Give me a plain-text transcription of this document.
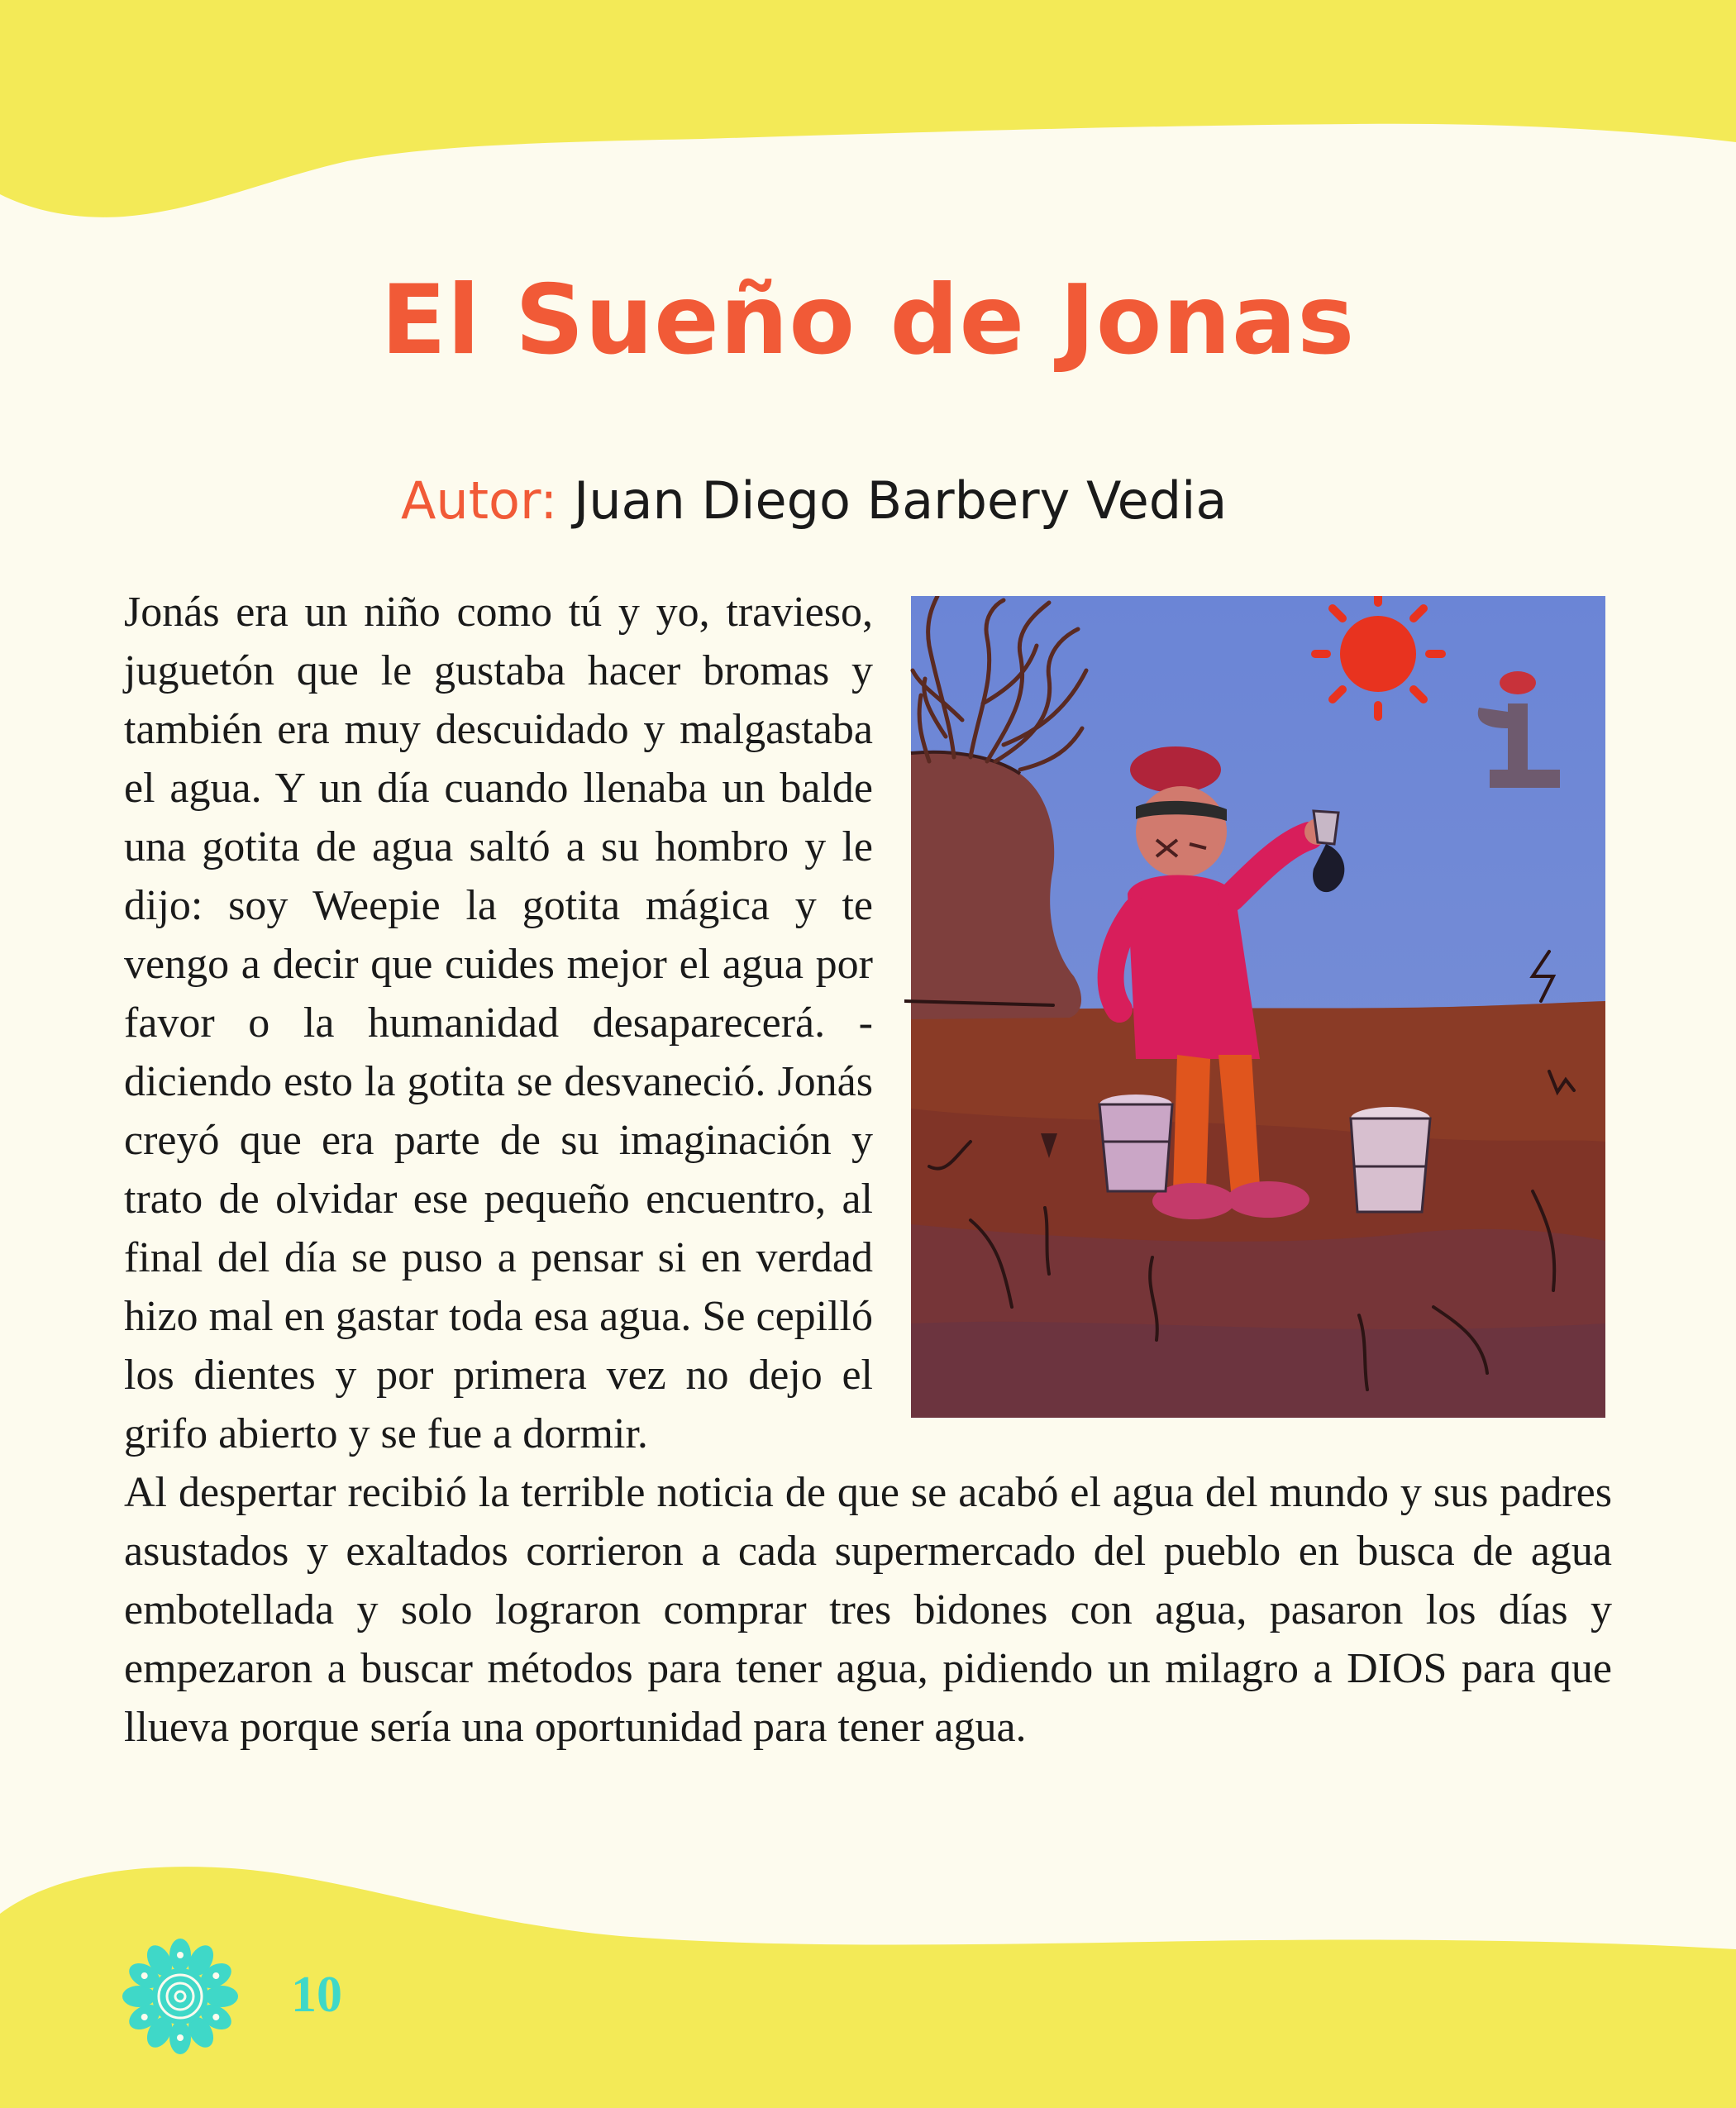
El Sueño de Jonas
Autor: Juan Diego Barbery Vedia

Jonás era un niño como tú y yo, travieso, juguetón que le gustaba hacer bromas y también era muy descuidado y malgastaba el agua. Y un día cuando llenaba un balde una gotita de agua saltó a su hombro y le dijo: soy Weepie la gotita mágica y te vengo a decir que cuides mejor el agua por favor o la humanidad desaparecerá. - diciendo esto la gotita se desvaneció. Jonás creyó que era parte de su imaginación y trato de olvidar ese pequeño encuentro, al final del día se puso a pensar si en verdad hizo mal en gastar toda esa agua. Se cepilló los dientes y por primera vez no dejo el grifo abierto y se fue a dormir.

Al despertar recibió la terrible noticia de que se acabó el agua del mundo y sus padres asustados y exaltados corrieron a cada supermercado del pueblo en busca de agua embotellada y solo lograron comprar tres bidones con agua, pasaron los días y empezaron a buscar métodos para tener agua, pidiendo un milagro a DIOS para que llueva porque sería una oportunidad para tener agua.

10
